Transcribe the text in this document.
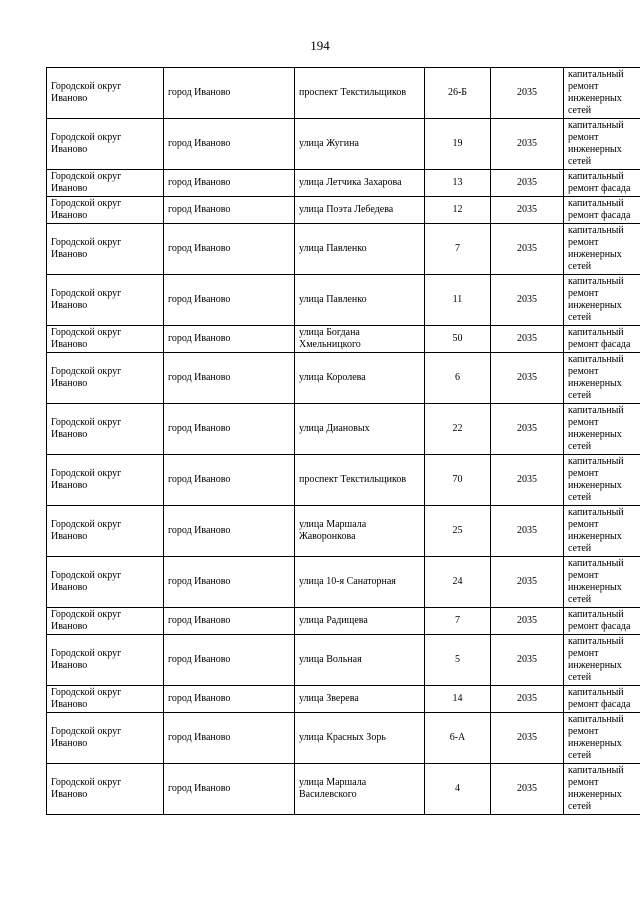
194
Городской округ Иваново	город Иваново	проспект Текстильщиков	26-Б	2035	капитальный ремонт инженерных сетей
Городской округ Иваново	город Иваново	улица Жугина	19	2035	капитальный ремонт инженерных сетей
Городской округ Иваново	город Иваново	улица Летчика Захарова	13	2035	капитальный ремонт фасада
Городской округ Иваново	город Иваново	улица Поэта Лебедева	12	2035	капитальный ремонт фасада
Городской округ Иваново	город Иваново	улица Павленко	7	2035	капитальный ремонт инженерных сетей
Городской округ Иваново	город Иваново	улица Павленко	11	2035	капитальный ремонт инженерных сетей
Городской округ Иваново	город Иваново	улица Богдана Хмельницкого	50	2035	капитальный ремонт фасада
Городской округ Иваново	город Иваново	улица Королева	6	2035	капитальный ремонт инженерных сетей
Городской округ Иваново	город Иваново	улица Диановых	22	2035	капитальный ремонт инженерных сетей
Городской округ Иваново	город Иваново	проспект Текстильщиков	70	2035	капитальный ремонт инженерных сетей
Городской округ Иваново	город Иваново	улица Маршала Жаворонкова	25	2035	капитальный ремонт инженерных сетей
Городской округ Иваново	город Иваново	улица 10-я Санаторная	24	2035	капитальный ремонт инженерных сетей
Городской округ Иваново	город Иваново	улица Радищева	7	2035	капитальный ремонт фасада
Городской округ Иваново	город Иваново	улица Вольная	5	2035	капитальный ремонт инженерных сетей
Городской округ Иваново	город Иваново	улица Зверева	14	2035	капитальный ремонт фасада
Городской округ Иваново	город Иваново	улица Красных Зорь	6-А	2035	капитальный ремонт инженерных сетей
Городской округ Иваново	город Иваново	улица Маршала Василевского	4	2035	капитальный ремонт инженерных сетей
